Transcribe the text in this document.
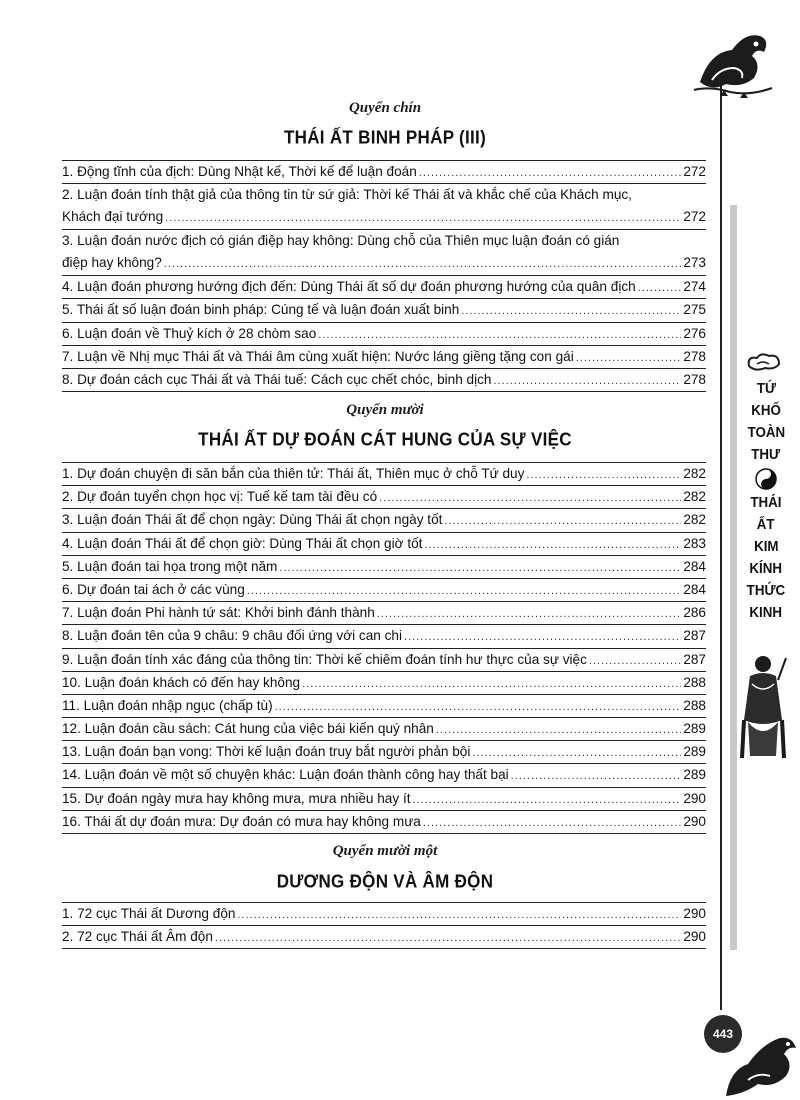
Quyển chín
THÁI ẤT BINH PHÁP (III)
1. Động tĩnh của địch: Dùng Nhật kế, Thời kế để luận đoán .....	272
2. Luận đoán tính thật giả của thông tin từ sứ giả: Thời kế Thái ất và khắc chế của Khách mục,
Khách đại tướng .....	272
3. Luận đoán nước địch có gián điệp hay không: Dùng chỗ của Thiên mục luận đoán có gián
điệp hay không? .....	273
4. Luận đoán phương hướng địch đến: Dùng Thái ất số dự đoán phương hướng của quân địch .....	274
5. Thái ất số luận đoán binh pháp: Cúng tế và luận đoán xuất binh .....	275
6. Luận đoán về Thuỷ kích ở 28 chòm sao .....	276
7. Luận về Nhị mục Thái ất và Thái âm cùng xuất hiện: Nước láng giềng tặng con gái .....	278
8. Dự đoán cách cục Thái ất và Thái tuế: Cách cục chết chóc, binh dịch .....	278
Quyển mười
THÁI ẤT DỰ ĐOÁN CÁT HUNG CỦA SỰ VIỆC
1. Dự đoán chuyện đi săn bắn của thiên tử: Thái ất, Thiên mục ở chỗ Tứ duy .....	282
2. Dự đoán tuyển chọn học vị: Tuế kế tam tài đều có .....	282
3. Luận đoán Thái ất để chọn ngày: Dùng Thái ất chọn ngày tốt .....	282
4. Luận đoán Thái ất để chọn giờ: Dùng Thái ất chọn giờ tốt .....	283
5. Luận đoán tai họa trong một năm .....	284
6. Dự đoán tai ách ở các vùng .....	284
7. Luận đoán Phi hành tứ sát: Khởi binh đánh thành .....	286
8. Luận đoán tên của 9 châu: 9 châu đối ứng với can chi .....	287
9. Luận đoán tính xác đáng của thông tin: Thời kế chiêm đoán tính hư thực của sự việc .....	287
10. Luận đoán khách có đến hay không .....	288
11. Luận đoán nhập ngục (chấp tù) .....	288
12. Luận đoán cầu sách: Cát hung của việc bái kiến quý nhân .....	289
13. Luận đoán bạn vong: Thời kế luận đoán truy bắt người phản bội .....	289
14. Luận đoán về một số chuyện khác: Luận đoán thành công hay thất bại .....	289
15. Dự đoán ngày mưa hay không mưa, mưa nhiều hay ít .....	290
16. Thái ất dự đoán mưa: Dự đoán có mưa hay không mưa .....	290
Quyển mười một
DƯƠNG ĐỘN VÀ ÂM ĐỘN
1. 72 cục Thái ất Dương độn .....	290
2. 72 cục Thái ất Âm độn .....	290
TỨ
KHỐ
TOÀN
THƯ
THÁI
ẤT
KIM
KÍNH
THỨC
KINH
443
